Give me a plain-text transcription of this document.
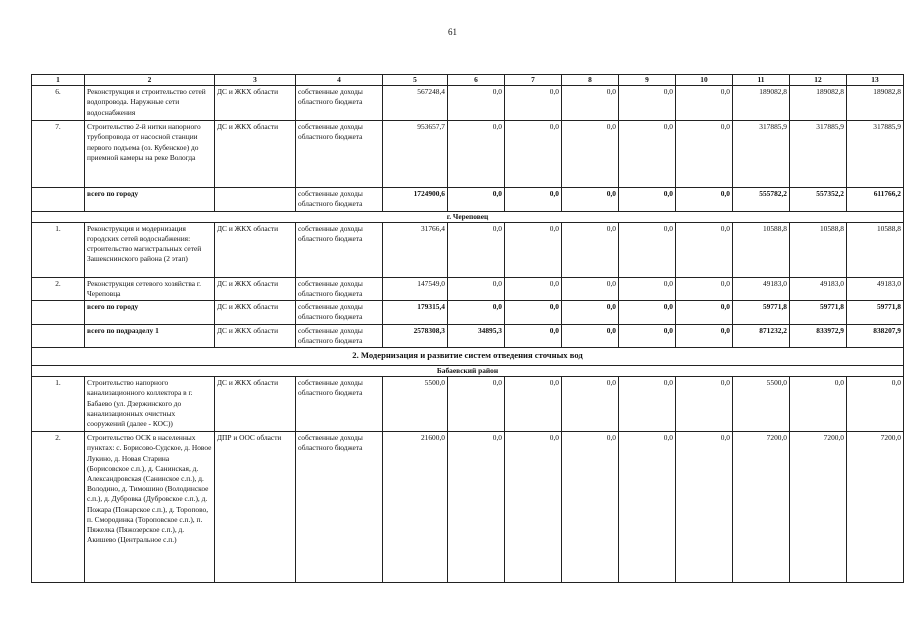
61
1	2	3	4	5	6	7	8	9	10	11	12	13
6.	Реконструкция и строительство сетей водопровода. Наружные сети водоснабжения	ДС и ЖКХ области	собственные доходы областного бюджета	567248,4	0,0	0,0	0,0	0,0	0,0	189082,8	189082,8	189082,8
7.	Строительство 2-й нитки напорного трубопровода от насосной станции первого подъема (оз. Кубенское) до приемной камеры на реке Вологда	ДС и ЖКХ области	собственные доходы областного бюджета	953657,7	0,0	0,0	0,0	0,0	0,0	317885,9	317885,9	317885,9
	всего по городу		собственные доходы областного бюджета	1724900,6	0,0	0,0	0,0	0,0	0,0	555782,2	557352,2	611766,2
г. Череповец												
1.	Реконструкция и модернизация городских сетей водоснабжения: строительство магистральных сетей Зашекснинского района (2 этап)	ДС и ЖКХ области	собственные доходы областного бюджета	31766,4	0,0	0,0	0,0	0,0	0,0	10588,8	10588,8	10588,8
2.	Реконструкция сетевого хозяйства г. Череповца	ДС и ЖКХ области	собственные доходы областного бюджета	147549,0	0,0	0,0	0,0	0,0	0,0	49183,0	49183,0	49183,0
	всего по городу	ДС и ЖКХ области	собственные доходы областного бюджета	179315,4	0,0	0,0	0,0	0,0	0,0	59771,8	59771,8	59771,8
	всего по подразделу 1	ДС и ЖКХ области	собственные доходы областного бюджета	2578308,3	34895,3	0,0	0,0	0,0	0,0	871232,2	833972,9	838207,9
2. Модернизация и развитие систем отведения сточных вод												
Бабаевский район												
1.	Строительство напорного канализационного коллектора в г. Бабаево (ул. Дзержинского до канализационных очистных сооружений (далее - КОС))	ДС и ЖКХ области	собственные доходы областного бюджета	5500,0	0,0	0,0	0,0	0,0	0,0	5500,0	0,0	0,0
2.	Строительство ОСК в населенных пунктах: с. Борисово-Судское, д. Новое Лукино, д. Новая Старина (Борисовское с.п.), д. Санинская, д. Александровская (Санинское с.п.), д. Володино, д. Тимошино (Володинское с.п.), д. Дубровка (Дубровское с.п.), д. Пожара (Пожарское с.п.), д. Торопово, п. Смородинка (Тороповское с.п.), п. Пяжелка (Пяжозерское с.п.), д. Акишево (Центральное с.п.)	ДПР и ООС области	собственные доходы областного бюджета	21600,0	0,0	0,0	0,0	0,0	0,0	7200,0	7200,0	7200,0
